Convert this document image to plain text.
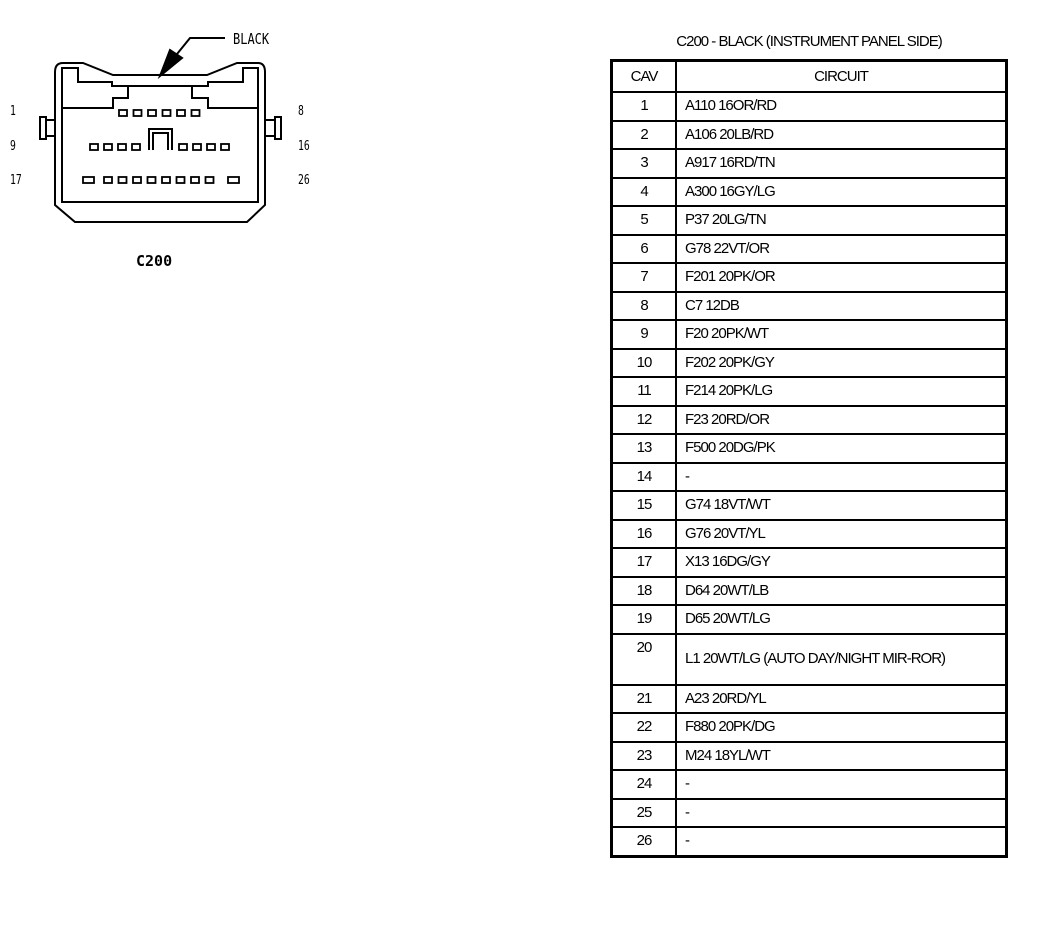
BLACK
1	8
9	16
17	26
C200
C200 - BLACK (INSTRUMENT PANEL SIDE)
CAV	CIRCUIT
1	A110 16OR/RD
2	A106 20LB/RD
3	A917 16RD/TN
4	A300 16GY/LG
5	P37 20LG/TN
6	G78 22VT/OR
7	F201 20PK/OR
8	C7 12DB
9	F20 20PK/WT
10	F202 20PK/GY
11	F214 20PK/LG
12	F23 20RD/OR
13	F500 20DG/PK
14	-
15	G74 18VT/WT
16	G76 20VT/YL
17	X13 16DG/GY
18	D64 20WT/LB
19	D65 20WT/LG
20	L1 20WT/LG (AUTO DAY/NIGHT MIR-ROR)
21	A23 20RD/YL
22	F880 20PK/DG
23	M24 18YL/WT
24	-
25	-
26	-
